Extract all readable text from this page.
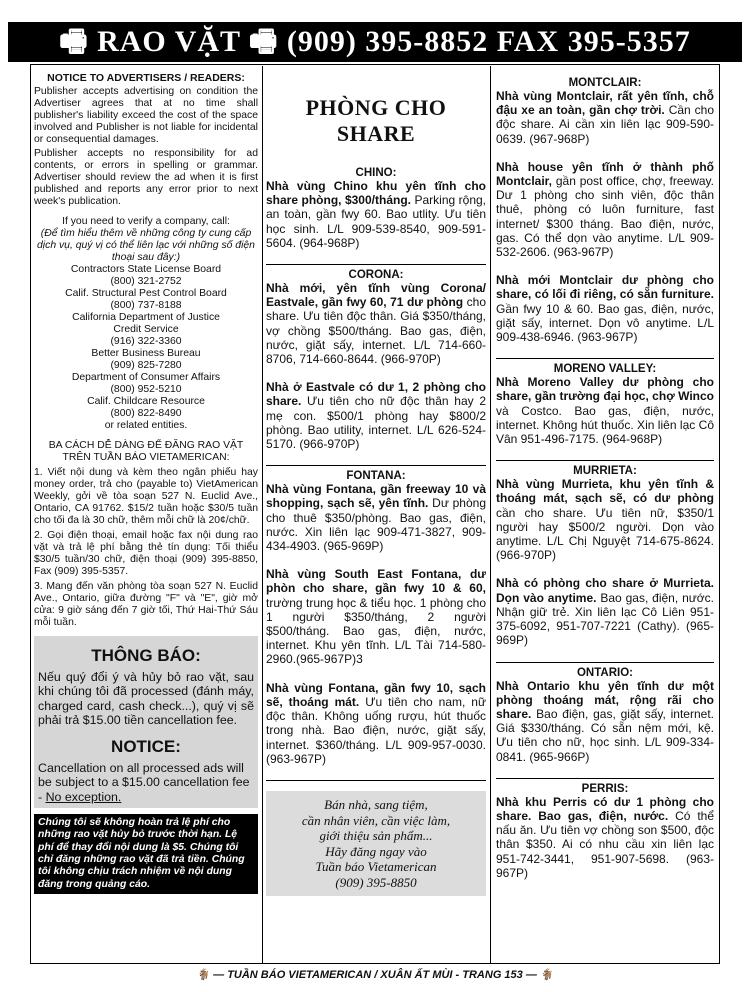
🖷 RAO VẶT 🖷 (909) 395-8852 FAX 395-5357
NOTICE TO ADVERTISERS / READERS:

Publisher accepts advertising on condition the Advertiser agrees that at no time shall publisher's liability exceed the cost of the space involved and Publisher is not liable for incidental or consequential damages.

Publisher accepts no responsibility for ad contents, or errors in spelling or grammar. Advertiser should review the ad when it is first published and reports any error prior to next week's publication.

If you need to verify a company, call:

(Để tìm hiểu thêm về những công ty cung cấp dịch vụ, quý vị có thể liên lạc với những số điện thoại sau đây:)

Contractors State License Board
(800) 321-2752
Calif. Structural Pest Control Board
(800) 737-8188
California Department of Justice
Credit Service
(916) 322-3360
Better Business Bureau
(909) 825-7280
Department of Consumer Affairs
(800) 952-5210
Calif. Childcare Resource
(800) 822-8490
or related entities.

BA CÁCH DỄ DÀNG ĐỂ ĐĂNG RAO VẶT TRÊN TUẦN BÁO VIETAMERICAN:

1. Viết nội dung và kèm theo ngân phiếu hay money order, trả cho (payable to) VietAmerican Weekly, gởi về tòa soạn 527 N. Euclid Ave., Ontario, CA 91762. $15/2 tuần hoặc $30/5 tuần cho tối đa là 30 chữ, thêm mỗi chữ là 20¢/chữ.

2. Gọi điện thoại, email hoặc fax nội dung rao vặt và trả lệ phí bằng thẻ tín dụng: Tối thiểu $30/5 tuần/30 chữ, điện thoại (909) 395-8850, Fax (909) 395-5357.

3. Mang đến văn phòng tòa soạn 527 N. Euclid Ave., Ontario, giữa đường "F" và "E", giờ mở cửa: 9 giờ sáng đến 7 giờ tối, Thứ Hai-Thứ Sáu mỗi tuần.

THÔNG BÁO:

Nếu quý đổi ý và hủy bỏ rao vặt, sau khi chúng tôi đã processed (đánh máy, charged card, cash check...), quý vị sẽ phải trả $15.00 tiền cancellation fee.

NOTICE:

Cancellation on all processed ads will be subject to a $15.00 cancellation fee - No exception.

Chúng tôi sẽ không hoàn trả lệ phí cho những rao vặt hủy bỏ trước thời hạn. Lệ phí để thay đổi nội dung là $5. Chúng tôi chỉ đăng những rao vặt đã trả tiền. Chúng tôi không chịu trách nhiệm về nội dung đăng trong quảng cáo.
PHÒNG CHO SHARE
CHINO:

Nhà vùng Chino khu yên tĩnh cho share phòng, $300/tháng. Parking rộng, an toàn, gần fwy 60. Bao utlity. Ưu tiên học sinh. L/L 909-539-8540, 909-591-5604. (964-968P)

CORONA:

Nhà mới, yên tĩnh vùng Corona/ Eastvale, gần fwy 60, 71 dư phòng cho share. Ưu tiên độc thân. Giá $350/tháng, vợ chồng $500/tháng. Bao gas, điện, nước, giặt sấy, internet. L/L 714-660-8706, 714-660-8644. (966-970P)

Nhà ở Eastvale có dư 1, 2 phòng cho share. Ưu tiên cho nữ độc thân hay 2 mẹ con. $500/1 phòng hay $800/2 phòng. Bao utility, internet. L/L 626-524-5170. (966-970P)

FONTANA:

Nhà vùng Fontana, gần freeway 10 và shopping, sạch sẽ, yên tĩnh. Dư phòng cho thuê $350/phòng. Bao gas, điện, nước. Xin liên lạc 909-471-3827, 909-434-4903. (965-969P)

Nhà vùng South East Fontana, dư phòn cho share, gần fwy 10 & 60, trường trung học & tiểu học. 1 phòng cho 1 người $350/tháng, 2 người $500/tháng. Bao gas, điện, nước, internet. Khu yên tĩnh. L/L Tài 714-580-2960.(965-967P)3

Nhà vùng Fontana, gần fwy 10, sạch sẽ, thoáng mát. Ưu tiên cho nam, nữ độc thân. Không uống rượu, hút thuốc trong nhà. Bao điện, nước, giặt sấy, internet. $360/tháng. L/L 909-957-0030. (963-967P)

Bán nhà, sang tiệm,
cần nhân viên, cần việc làm,
giới thiệu sản phẩm...
Hãy đăng ngay vào
Tuần báo Vietamerican
(909) 395-8850
MONTCLAIR:

Nhà vùng Montclair, rất yên tĩnh, chỗ đậu xe an toàn, gần chợ trời. Cần cho độc share. Ai cần xin liên lạc 909-590-0639. (967-968P)

Nhà house yên tĩnh ở thành phố Montclair, gần post office, chợ, freeway. Dư 1 phòng cho sinh viên, độc thân thuê, phòng có luôn furniture, fast internet/ $300 tháng. Bao điện, nước, gas. Có thể dọn vào anytime. L/L 909-532-2606. (963-967P)

Nhà mới Montclair dư phòng cho share, có lối đi riêng, có sẵn furniture. Gần fwy 10 & 60. Bao gas, điện, nước, giặt sấy, internet. Dọn vô anytime. L/L 909-438-6946. (963-967P)

MORENO VALLEY:

Nhà Moreno Valley dư phòng cho share, gần trường đại học, chợ Winco và Costco. Bao gas, điện, nước, internet. Không hút thuốc. Xin liên lạc Cô Vân 951-496-7175. (964-968P)

MURRIETA:

Nhà vùng Murrieta, khu yên tĩnh & thoáng mát, sạch sẽ, có dư phòng cần cho share. Ưu tiên nữ, $350/1 người hay $500/2 người. Dọn vào anytime. L/L Chị Nguyệt 714-675-8624. (966-970P)

Nhà có phòng cho share ở Murrieta. Dọn vào anytime. Bao gas, điện, nước. Nhận giữ trẻ. Xin liên lạc Cô Liên 951-375-6092, 951-707-7221 (Cathy). (965-969P)

ONTARIO:

Nhà Ontario khu yên tĩnh dư một phòng thoáng mát, rộng rãi cho share. Bao điện, gas, giặt sấy, internet. Giá $330/tháng. Có sẵn nệm mới, kệ. Ưu tiên cho nữ, học sinh. L/L 909-334-0841. (965-966P)

PERRIS:

Nhà khu Perris có dư 1 phòng cho share. Bao gas, điện, nước. Có thể nấu ăn. Ưu tiên vợ chồng son $500, độc thân $350. Ai có nhu cầu xin liên lạc 951-742-3441, 951-907-5698. (963-967P)

🐐 — TUẦN BÁO VIETAMERICAN / XUÂN ẤT MÙI - TRANG 153 — 🐐
